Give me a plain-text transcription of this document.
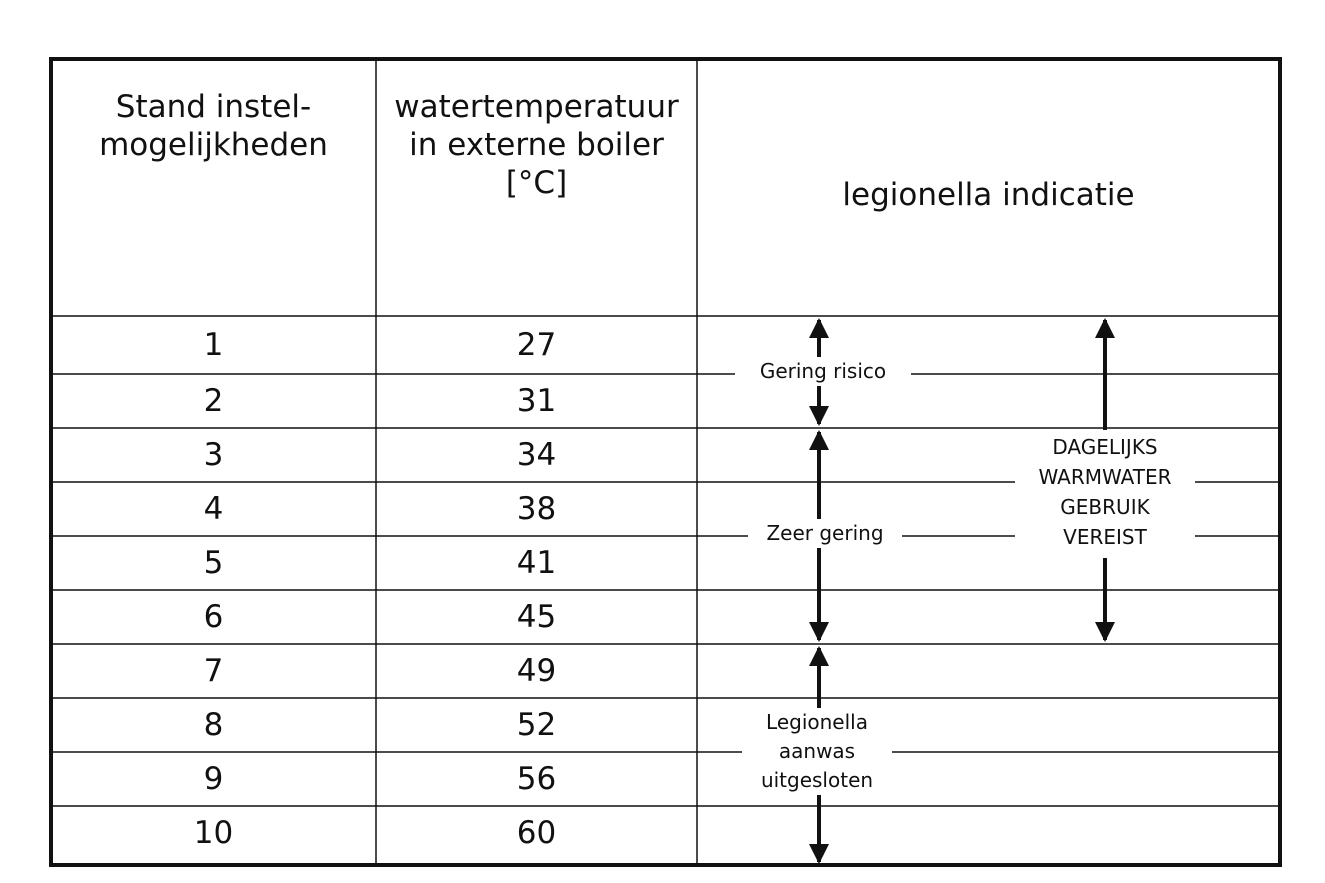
Stand instel-
mogelijkheden
watertemperatuur
in externe boiler
[°C]	legionella indicatie
1
2
3
4
5
6
7
8
9
10
27
31
34
38
41
45
49
52
56
60
Gering risico
Zeer gering
Legionella
aanwas
uitgesloten
DAGELIJKS
WARMWATER
GEBRUIK
VEREIST
